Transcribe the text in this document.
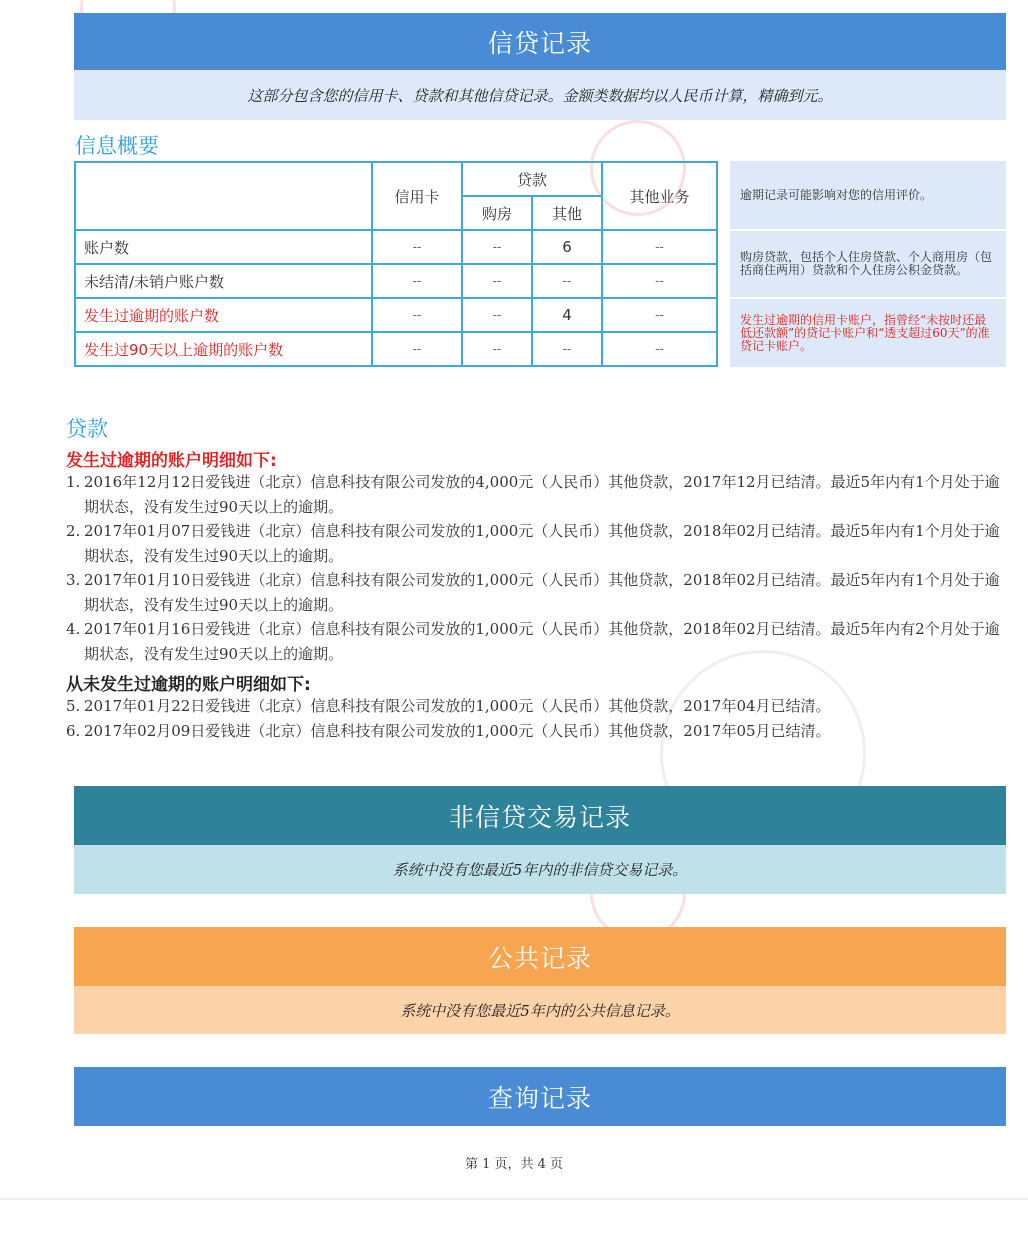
信贷记录
这部分包含您的信用卡、贷款和其他信贷记录。金额类数据均以人民币计算，精确到元。
信息概要
	信用卡	贷款		其他业务
		购房	其他	
账户数	--	--	6	--
未结清/未销户账户数	--	--	--	--
发生过逾期的账户数	--	--	4	--
发生过90天以上逾期的账户数	--	--	--	--
逾期记录可能影响对您的信用评价。
购房贷款，包括个人住房贷款、个人商用房（包括商住两用）贷款和个人住房公积金贷款。
发生过逾期的信用卡账户，指曾经“未按时还最低还款额”的贷记卡账户和“透支超过60天”的准贷记卡账户。
贷款
发生过逾期的账户明细如下:
1. 2016年12月12日爱钱进（北京）信息科技有限公司发放的4,000元（人民币）其他贷款，2017年12月已结清。最近5年内有1个月处于逾期状态，没有发生过90天以上的逾期。
2. 2017年01月07日爱钱进（北京）信息科技有限公司发放的1,000元（人民币）其他贷款，2018年02月已结清。最近5年内有1个月处于逾期状态，没有发生过90天以上的逾期。
3. 2017年01月10日爱钱进（北京）信息科技有限公司发放的1,000元（人民币）其他贷款，2018年02月已结清。最近5年内有1个月处于逾期状态，没有发生过90天以上的逾期。
4. 2017年01月16日爱钱进（北京）信息科技有限公司发放的1,000元（人民币）其他贷款，2018年02月已结清。最近5年内有2个月处于逾期状态，没有发生过90天以上的逾期。
从未发生过逾期的账户明细如下:
5. 2017年01月22日爱钱进（北京）信息科技有限公司发放的1,000元（人民币）其他贷款，2017年04月已结清。
6. 2017年02月09日爱钱进（北京）信息科技有限公司发放的1,000元（人民币）其他贷款，2017年05月已结清。
非信贷交易记录
系统中没有您最近5年内的非信贷交易记录。
公共记录
系统中没有您最近5年内的公共信息记录。
查询记录
第 1 页，共 4 页
